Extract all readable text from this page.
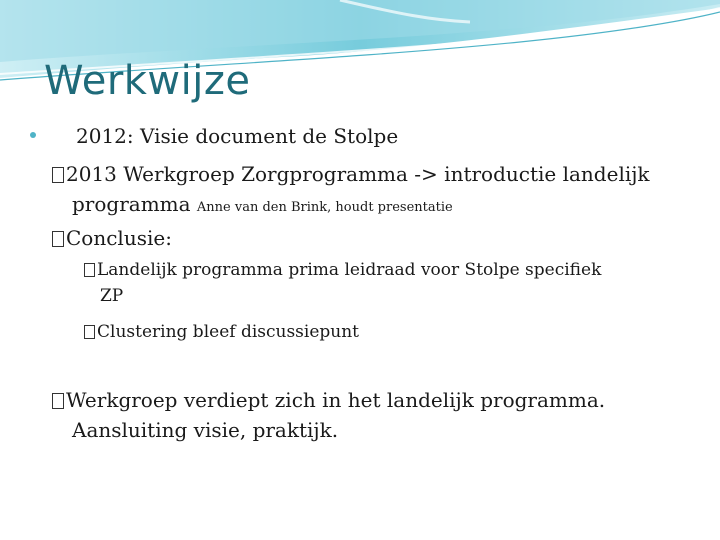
Werkwijze
2012: Visie document de Stolpe
2013 Werkgroep Zorgprogramma -> introductie landelijk
programma Anne van den Brink, houdt presentatie
Conclusie:
Landelijk programma prima leidraad voor Stolpe specifiek
ZP
Clustering bleef discussiepunt
Werkgroep verdiept zich in het landelijk programma.
Aansluiting visie, praktijk.
